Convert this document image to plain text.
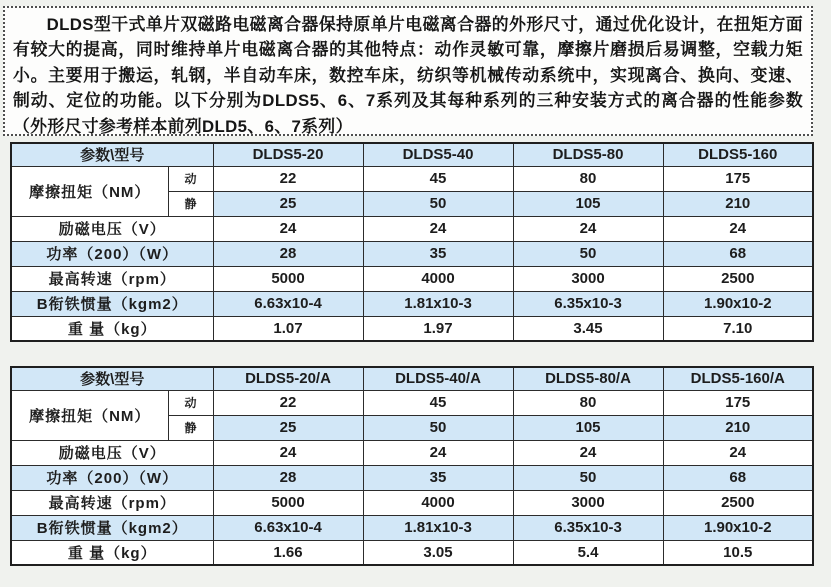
DLDS型干式单片双磁路电磁离合器保持原单片电磁离合器的外形尺寸，通过优化设计，在扭矩方面有较大的提高，同时维持单片电磁离合器的其他特点：动作灵敏可靠，摩擦片磨损后易调整，空载力矩小。主要用于搬运，轧钢，半自动车床，数控车床，纺织等机械传动系统中，实现离合、换向、变速、制动、定位的功能。以下分别为DLDS5、6、7系列及其每种系列的三种安装方式的离合器的性能参数（外形尺寸参考样本前列DLD5、6、7系列）
参数\型号		DLDS5-20	DLDS5-40	DLDS5-80	DLDS5-160
摩擦扭矩（NM）	动	22	45	80	175
	静	25	50	105	210
励磁电压（V）		24	24	24	24
功率（200）（W）		28	35	50	68
最高转速（rpm）		5000	4000	3000	2500
B衔铁惯量（kgm2）		6.63x10-4	1.81x10-3	6.35x10-3	1.90x10-2
重 量（kg）		1.07	1.97	3.45	7.10
参数\型号		DLDS5-20/A	DLDS5-40/A	DLDS5-80/A	DLDS5-160/A
摩擦扭矩（NM）	动	22	45	80	175
	静	25	50	105	210
励磁电压（V）		24	24	24	24
功率（200）（W）		28	35	50	68
最高转速（rpm）		5000	4000	3000	2500
B衔铁惯量（kgm2）		6.63x10-4	1.81x10-3	6.35x10-3	1.90x10-2
重 量（kg）		1.66	3.05	5.4	10.5
